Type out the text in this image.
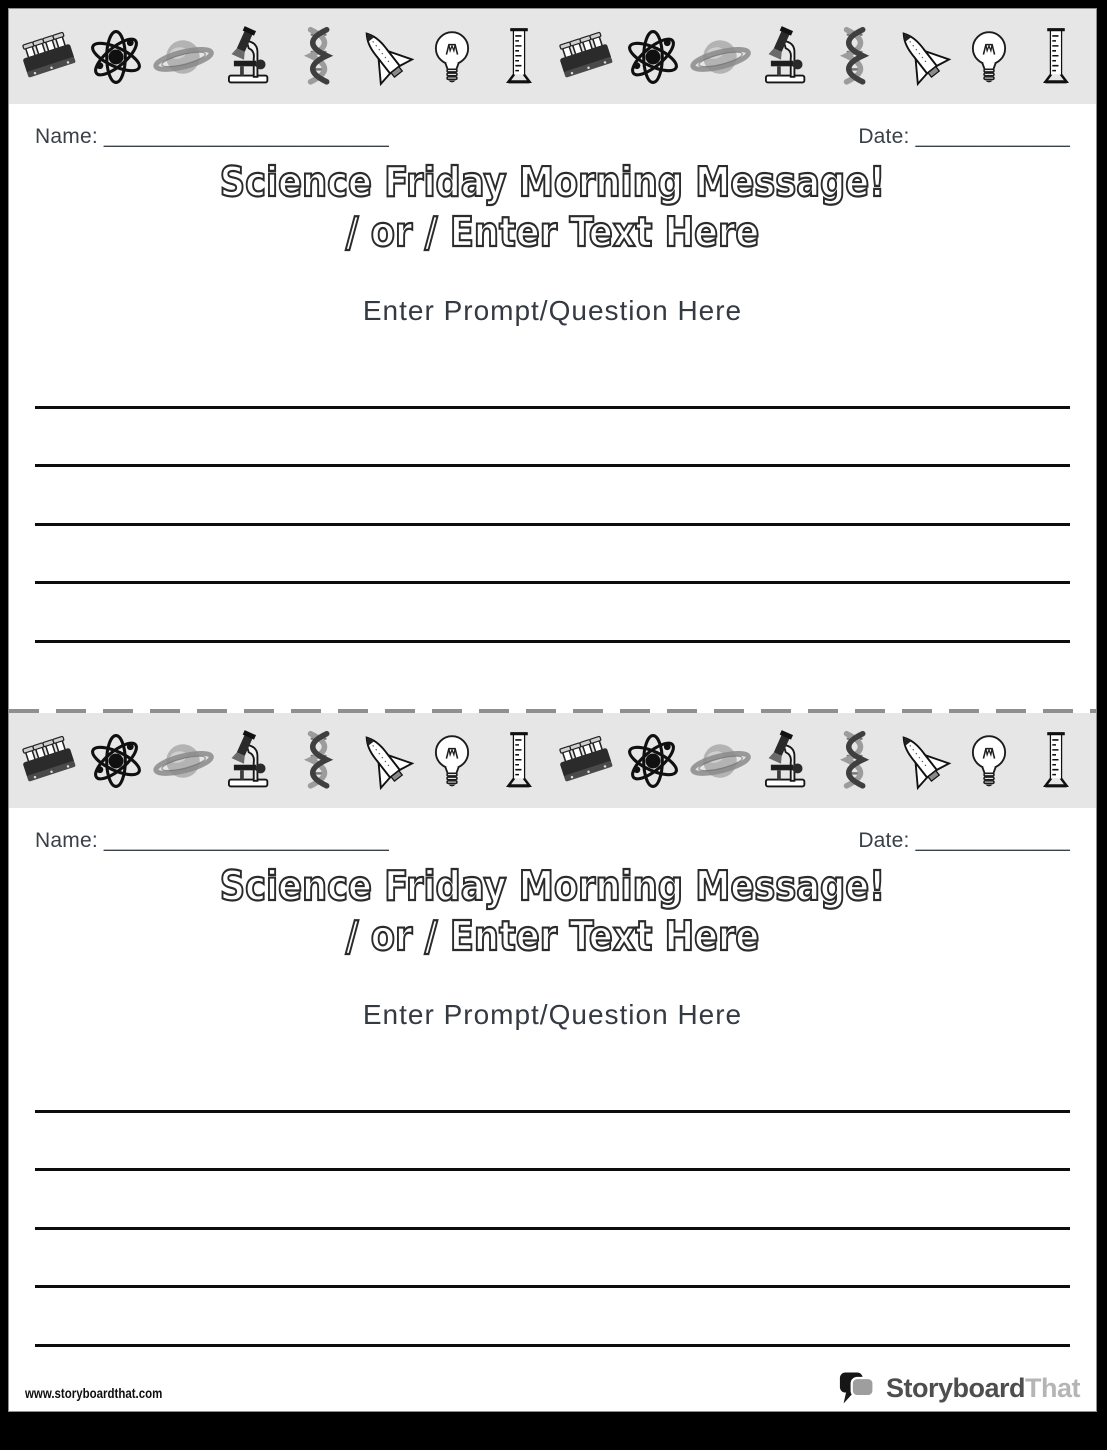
Name: ________________________	Date: _____________
Science Friday Morning Message!
/ or / Enter Text Here
Enter Prompt/Question Here
Name: ________________________	Date: _____________
Science Friday Morning Message!
/ or / Enter Text Here
Enter Prompt/Question Here
www.storyboardthat.com	StoryboardThat
